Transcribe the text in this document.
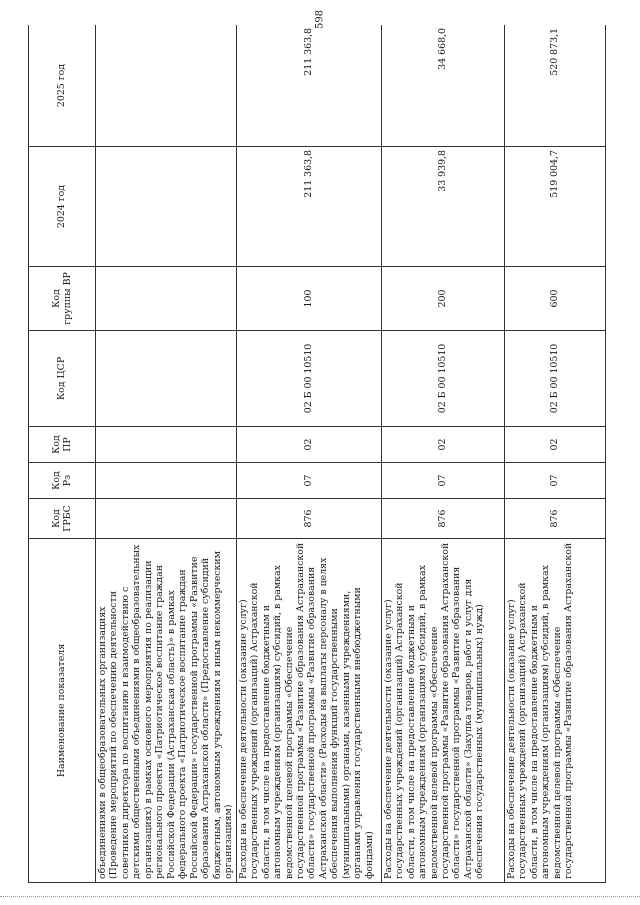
598
Наименование показателя	Код ГРБС	Код Рз	Код ПР	Код ЦСР	Код группы ВР	2024 год	2025 год
объединениями в общеобразовательных организациях (Проведение мероприятий по обеспечению деятельности советников директора по воспитанию и взаимодействию с детскими общественными объединениями в общеобразовательных организациях) в рамках основного мероприятия по реализации регионального проекта «Патриотическое воспитание граждан Российской Федерации (Астраханская область)» в рамках федерального проекта «Патриотическое воспитание граждан Российской Федерации» государственной программы «Развитие образования Астраханской области» (Предоставление субсидий бюджетным, автономным учреждениям и иным некоммерческим организациям)							
Расходы на обеспечение деятельности (оказание услуг) государственных учреждений (организаций) Астраханской области, в том числе на предоставление бюджетным и автономным учреждениям (организациям) субсидий, в рамках ведомственной целевой программы «Обеспечение государственной программы «Развитие образования Астраханской области» государственной программы «Развитие образования Астраханской области» (Расходы на выплаты персоналу в целях обеспечения выполнения функций государственными (муниципальными) органами, казенными учреждениями, органами управления государственными внебюджетными фондами)	876	07	02	02 Б 00 10510	100	211 363,8	211 363,8
Расходы на обеспечение деятельности (оказание услуг) государственных учреждений (организаций) Астраханской области, в том числе на предоставление бюджетным и автономным учреждениям (организациям) субсидий, в рамках ведомственной целевой программы «Обеспечение государственной программы «Развитие образования Астраханской области» государственной программы «Развитие образования Астраханской области» (Закупка товаров, работ и услуг для обеспечения государственных (муниципальных) нужд)	876	07	02	02 Б 00 10510	200	33 939,8	34 668,0
Расходы на обеспечение деятельности (оказание услуг) государственных учреждений (организаций) Астраханской области, в том числе на предоставление бюджетным и автономным учреждениям (организациям) субсидий, в рамках ведомственной целевой программы «Обеспечение государственной программы «Развитие образования Астраханской	876	07	02	02 Б 00 10510	600	519 004,7	520 873,1
